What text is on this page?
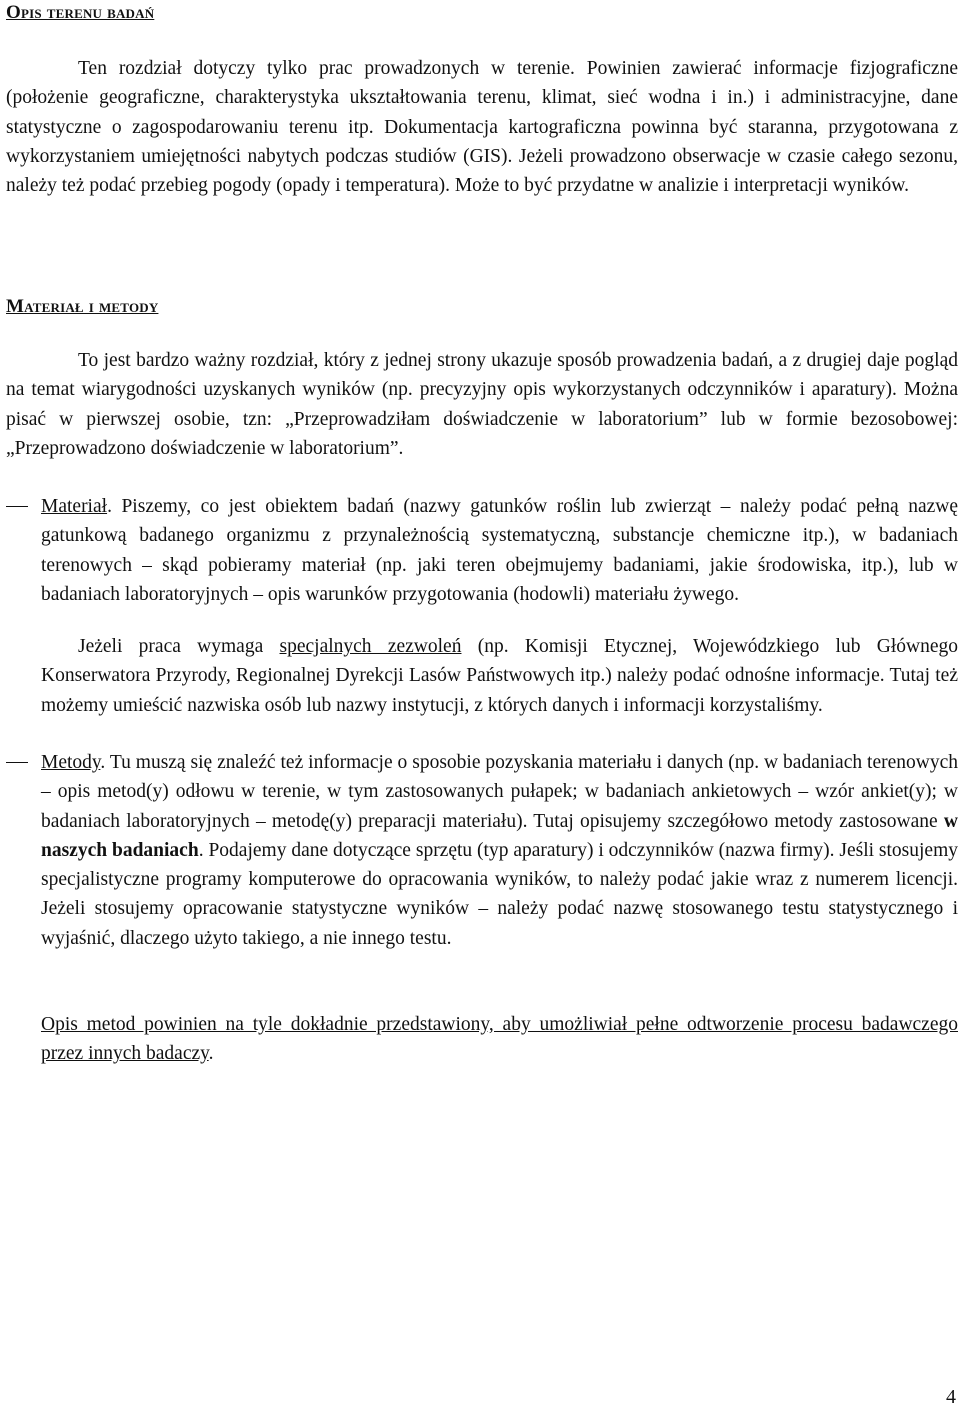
Opis terenu badań

Ten rozdział dotyczy tylko prac prowadzonych w terenie. Powinien zawierać informacje fizjograficzne (położenie geograficzne, charakterystyka ukształtowania terenu, klimat, sieć wodna i in.) i administracyjne, dane statystyczne o zagospodarowaniu terenu itp. Dokumentacja kartograficzna powinna być staranna, przygotowana z wykorzystaniem umiejętności nabytych podczas studiów (GIS). Jeżeli prowadzono obserwacje w czasie całego sezonu, należy też podać przebieg pogody (opady i temperatura). Może to być przydatne w analizie i interpretacji wyników.

Materiał i metody

To jest bardzo ważny rozdział, który z jednej strony ukazuje sposób prowadzenia badań, a z drugiej daje pogląd na temat wiarygodności uzyskanych wyników (np. precyzyjny opis wykorzystanych odczynników i aparatury). Można pisać w pierwszej osobie, tzn: „Przeprowadziłam doświadczenie w laboratorium” lub w formie bezosobowej: „Przeprowadzono doświadczenie w laboratorium”.

Materiał. Piszemy, co jest obiektem badań (nazwy gatunków roślin lub zwierząt – należy podać pełną nazwę gatunkową badanego organizmu z przynależnością systematyczną, substancje chemiczne itp.), w badaniach terenowych – skąd pobieramy materiał (np. jaki teren obejmujemy badaniami, jakie środowiska, itp.), lub w badaniach laboratoryjnych – opis warunków przygotowania (hodowli) materiału żywego.

Jeżeli praca wymaga specjalnych zezwoleń (np. Komisji Etycznej, Wojewódzkiego lub Głównego Konserwatora Przyrody, Regionalnej Dyrekcji Lasów Państwowych itp.) należy podać odnośne informacje. Tutaj też możemy umieścić nazwiska osób lub nazwy instytucji, z których danych i informacji korzystaliśmy.

Metody. Tu muszą się znaleźć też informacje o sposobie pozyskania materiału i danych (np. w badaniach terenowych – opis metod(y) odłowu w terenie, w tym zastosowanych pułapek; w badaniach ankietowych – wzór ankiet(y); w badaniach laboratoryjnych – metodę(y) preparacji materiału). Tutaj opisujemy szczegółowo metody zastosowane w naszych badaniach. Podajemy dane dotyczące sprzętu (typ aparatury) i odczynników (nazwa firmy). Jeśli stosujemy specjalistyczne programy komputerowe do opracowania wyników, to należy podać jakie wraz z numerem licencji. Jeżeli stosujemy opracowanie statystyczne wyników – należy podać nazwę stosowanego testu statystycznego i wyjaśnić, dlaczego użyto takiego, a nie innego testu.

Opis metod powinien na tyle dokładnie przedstawiony, aby umożliwiał pełne odtworzenie procesu badawczego przez innych badaczy.

4
